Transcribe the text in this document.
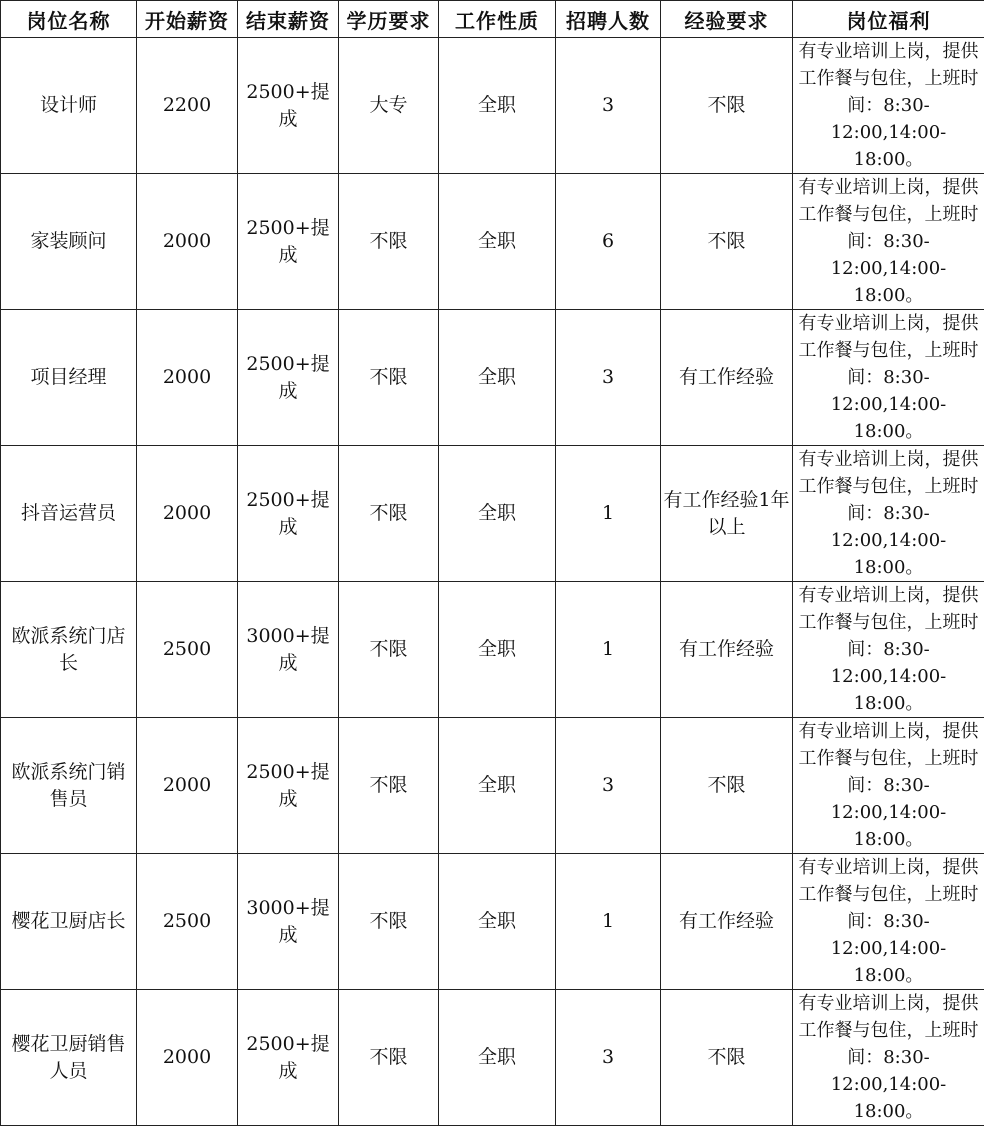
岗位名称	开始薪资	结束薪资	学历要求	工作性质	招聘人数	经验要求	岗位福利
设计师	2200	2500+提成	大专	全职	3	不限	有专业培训上岗，提供工作餐与包住，上班时间：8:30-12:00,14:00-18:00。
家装顾问	2000	2500+提成	不限	全职	6	不限	有专业培训上岗，提供工作餐与包住，上班时间：8:30-12:00,14:00-18:00。
项目经理	2000	2500+提成	不限	全职	3	有工作经验	有专业培训上岗，提供工作餐与包住，上班时间：8:30-12:00,14:00-18:00。
抖音运营员	2000	2500+提成	不限	全职	1	有工作经验1年以上	有专业培训上岗，提供工作餐与包住，上班时间：8:30-12:00,14:00-18:00。
欧派系统门店长	2500	3000+提成	不限	全职	1	有工作经验	有专业培训上岗，提供工作餐与包住，上班时间：8:30-12:00,14:00-18:00。
欧派系统门销售员	2000	2500+提成	不限	全职	3	不限	有专业培训上岗，提供工作餐与包住，上班时间：8:30-12:00,14:00-18:00。
樱花卫厨店长	2500	3000+提成	不限	全职	1	有工作经验	有专业培训上岗，提供工作餐与包住，上班时间：8:30-12:00,14:00-18:00。
樱花卫厨销售人员	2000	2500+提成	不限	全职	3	不限	有专业培训上岗，提供工作餐与包住，上班时间：8:30-12:00,14:00-18:00。
